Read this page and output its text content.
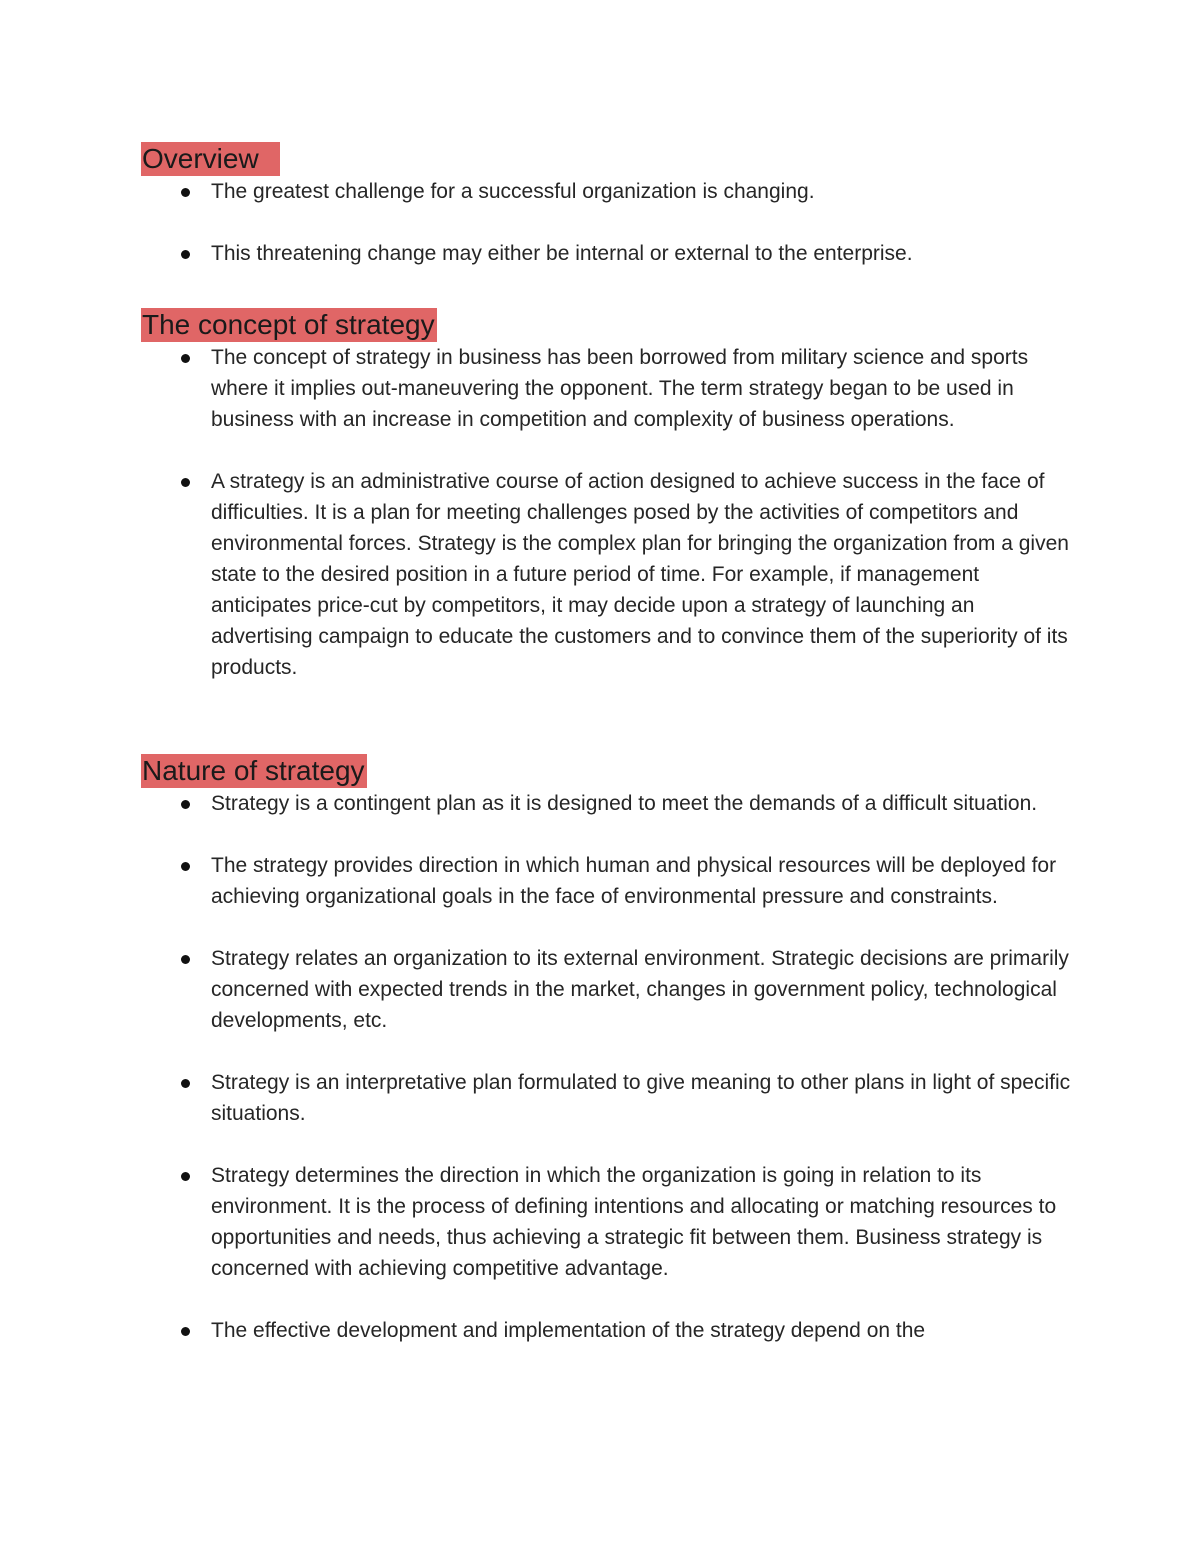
Overview
The greatest challenge for a successful organization is changing.
This threatening change may either be internal or external to the enterprise.
The concept of strategy
The concept of strategy in business has been borrowed from military science and sports where it implies out-maneuvering the opponent. The term strategy began to be used in business with an increase in competition and complexity of business operations.
A strategy is an administrative course of action designed to achieve success in the face of difficulties. It is a plan for meeting challenges posed by the activities of competitors and environmental forces. Strategy is the complex plan for bringing the organization from a given state to the desired position in a future period of time. For example, if management anticipates price-cut by competitors, it may decide upon a strategy of launching an advertising campaign to educate the customers and to convince them of the superiority of its products.
Nature of strategy
Strategy is a contingent plan as it is designed to meet the demands of a difficult situation.
The strategy provides direction in which human and physical resources will be deployed for achieving organizational goals in the face of environmental pressure and constraints.
Strategy relates an organization to its external environment. Strategic decisions are primarily concerned with expected trends in the market, changes in government policy, technological developments, etc.
Strategy is an interpretative plan formulated to give meaning to other plans in light of specific situations.
Strategy determines the direction in which the organization is going in relation to its environment. It is the process of defining intentions and allocating or matching resources to opportunities and needs, thus achieving a strategic fit between them. Business strategy is concerned with achieving competitive advantage.
The effective development and implementation of the strategy depend on the
